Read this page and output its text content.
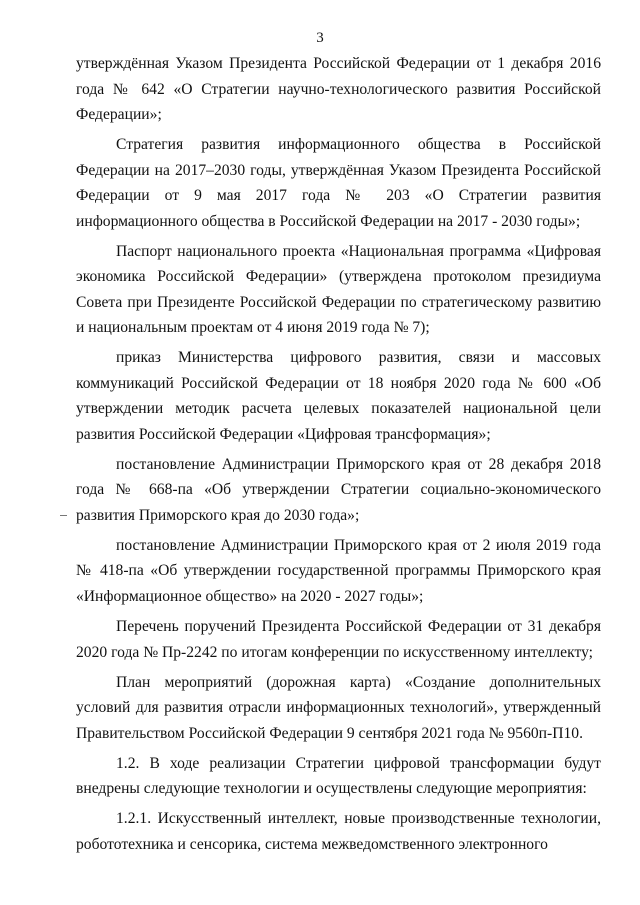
3

утверждённая Указом Президента Российской Федерации от 1 декабря 2016 года № 642 «О Стратегии научно-технологического развития Российской Федерации»;

Стратегия развития информационного общества в Российской Федерации на 2017–2030 годы, утверждённая Указом Президента Российской Федерации от 9 мая 2017 года № 203 «О Стратегии развития информационного общества в Российской Федерации на 2017 - 2030 годы»;

Паспорт национального проекта «Национальная программа «Цифровая экономика Российской Федерации» (утверждена протоколом президиума Совета при Президенте Российской Федерации по стратегическому развитию и национальным проектам от 4 июня 2019 года № 7);

приказ Министерства цифрового развития, связи и массовых коммуникаций Российской Федерации от 18 ноября 2020 года № 600 «Об утверждении методик расчета целевых показателей национальной цели развития Российской Федерации «Цифровая трансформация»;

постановление Администрации Приморского края от 28 декабря 2018 года № 668-па «Об утверждении Стратегии социально-экономического развития Приморского края до 2030 года»;

постановление Администрации Приморского края от 2 июля 2019 года № 418-па «Об утверждении государственной программы Приморского края «Информационное общество» на 2020 - 2027 годы»;

Перечень поручений Президента Российской Федерации от 31 декабря 2020 года № Пр-2242 по итогам конференции по искусственному интеллекту;

План мероприятий (дорожная карта) «Создание дополнительных условий для развития отрасли информационных технологий», утвержденный Правительством Российской Федерации 9 сентября 2021 года № 9560п-П10.

1.2. В ходе реализации Стратегии цифровой трансформации будут внедрены следующие технологии и осуществлены следующие мероприятия:

1.2.1. Искусственный интеллект, новые производственные технологии, робототехника и сенсорика, система межведомственного электронного
